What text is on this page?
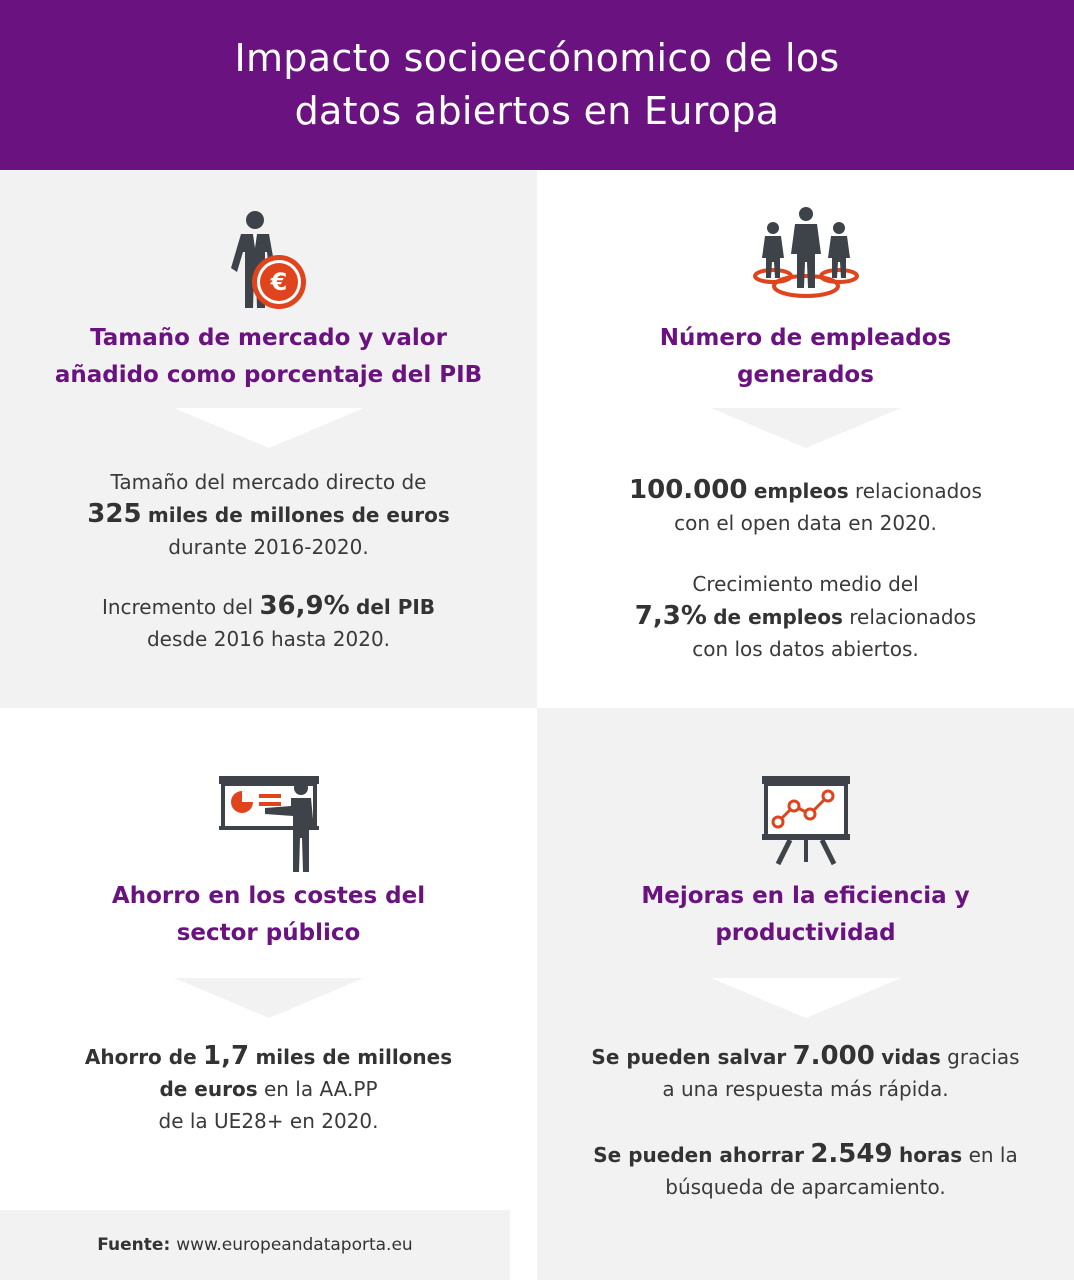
Impacto socioecónomico de los
datos abiertos en Europa
€
Tamaño de mercado y valor
añadido como porcentaje del PIB
Tamaño del mercado directo de
325 miles de millones de euros
durante 2016-2020.
Incremento del 36,9% del PIB
desde 2016 hasta 2020.
Número de empleados
generados
100.000 empleos relacionados
con el open data en 2020.
Crecimiento medio del
7,3% de empleos relacionados
con los datos abiertos.
Ahorro en los costes del
sector público
Ahorro de 1,7 miles de millones
de euros en la AA.PP
de la UE28+ en 2020.
Mejoras en la eficiencia y
productividad
Se pueden salvar 7.000 vidas gracias
a una respuesta más rápida.
Se pueden ahorrar 2.549 horas en la
búsqueda de aparcamiento.
Fuente: www.europeandataporta.eu
